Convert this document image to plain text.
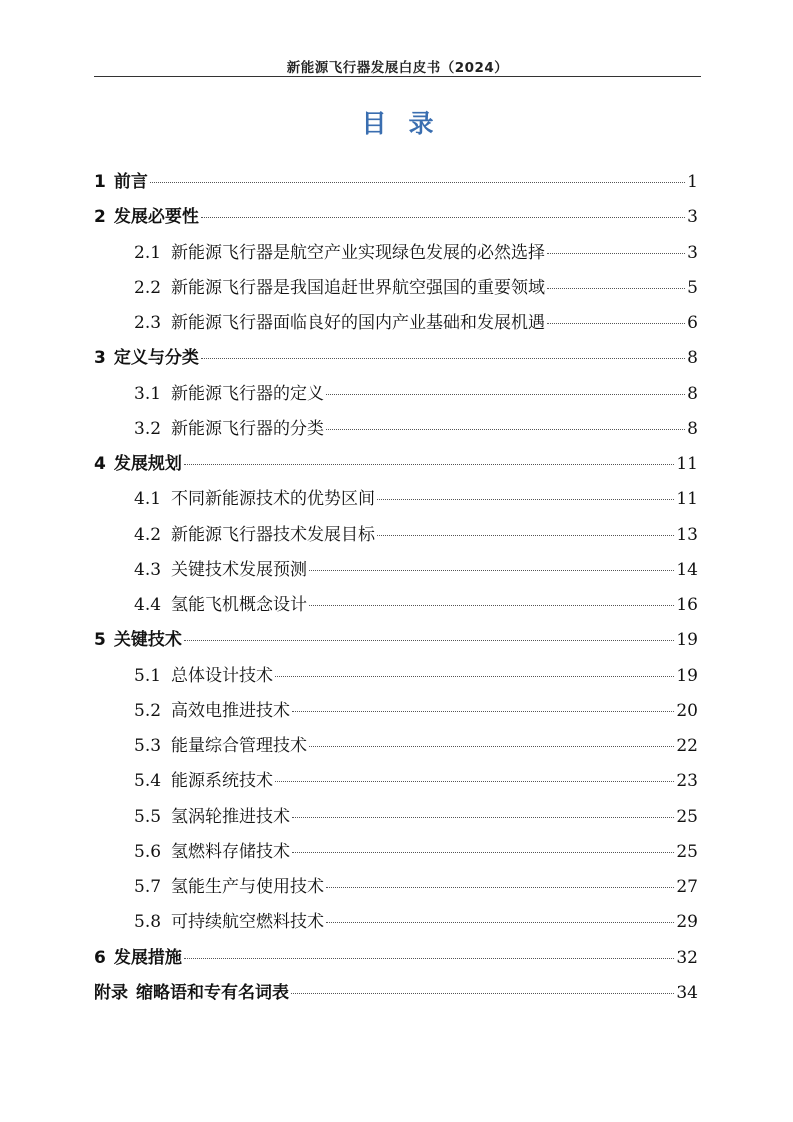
新能源飞行器发展白皮书（2024）
目录
1 前言	1
2 发展必要性	3
2.1 新能源飞行器是航空产业实现绿色发展的必然选择	3
2.2 新能源飞行器是我国追赶世界航空强国的重要领域	5
2.3 新能源飞行器面临良好的国内产业基础和发展机遇	6
3 定义与分类	8
3.1 新能源飞行器的定义	8
3.2 新能源飞行器的分类	8
4 发展规划	11
4.1 不同新能源技术的优势区间	11
4.2 新能源飞行器技术发展目标	13
4.3 关键技术发展预测	14
4.4 氢能飞机概念设计	16
5 关键技术	19
5.1 总体设计技术	19
5.2 高效电推进技术	20
5.3 能量综合管理技术	22
5.4 能源系统技术	23
5.5 氢涡轮推进技术	25
5.6 氢燃料存储技术	25
5.7 氢能生产与使用技术	27
5.8 可持续航空燃料技术	29
6 发展措施	32
附录 缩略语和专有名词表	34
